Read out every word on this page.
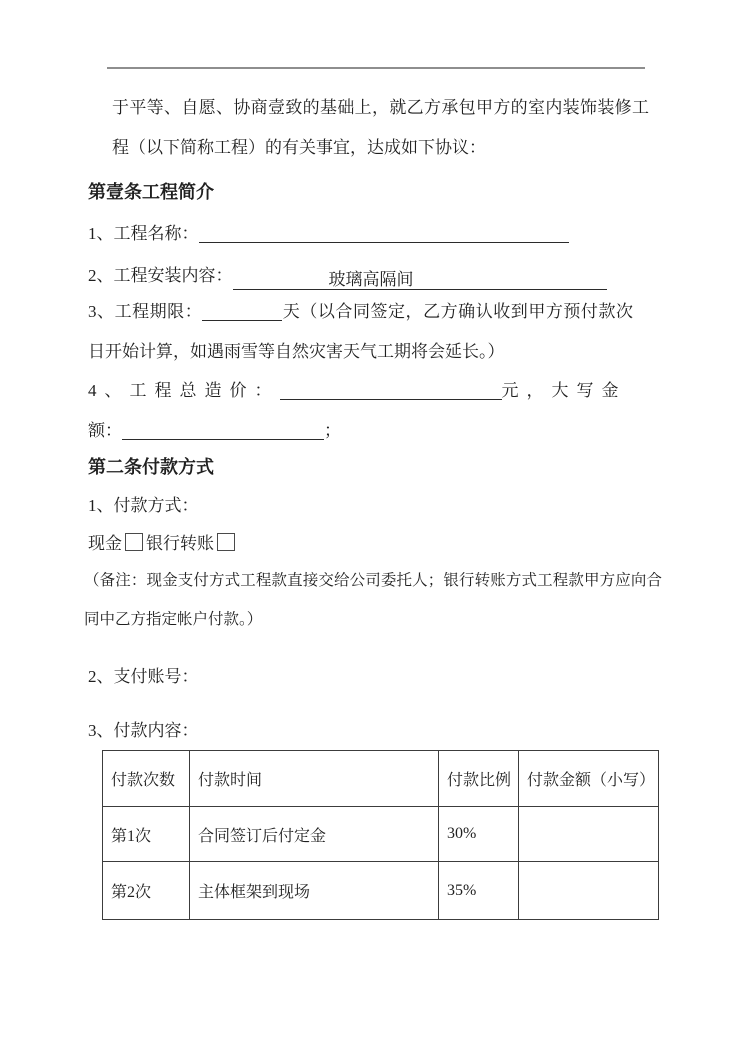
于平等、自愿、协商壹致的基础上，就乙方承包甲方的室内装饰装修工程（以下简称工程）的有关事宜，达成如下协议：
第壹条工程简介
1、工程名称：
2、工程安装内容：	玻璃高隔间
3、工程期限：	天（以合同签定，乙方确认收到甲方预付款次日开始计算，如遇雨雪等自然灾害天气工期将会延长。）
4、工程总造价：	元，大写金
额：	；
第二条付款方式
1、付款方式：
现金 银行转账
（备注：现金支付方式工程款直接交给公司委托人；银行转账方式工程款甲方应向合同中乙方指定帐户付款。）
2、支付账号：
3、付款内容：
付款次数	付款时间	付款比例	付款金额（小写）
第1次	合同签订后付定金	30%	
第2次	主体框架到现场	35%	
